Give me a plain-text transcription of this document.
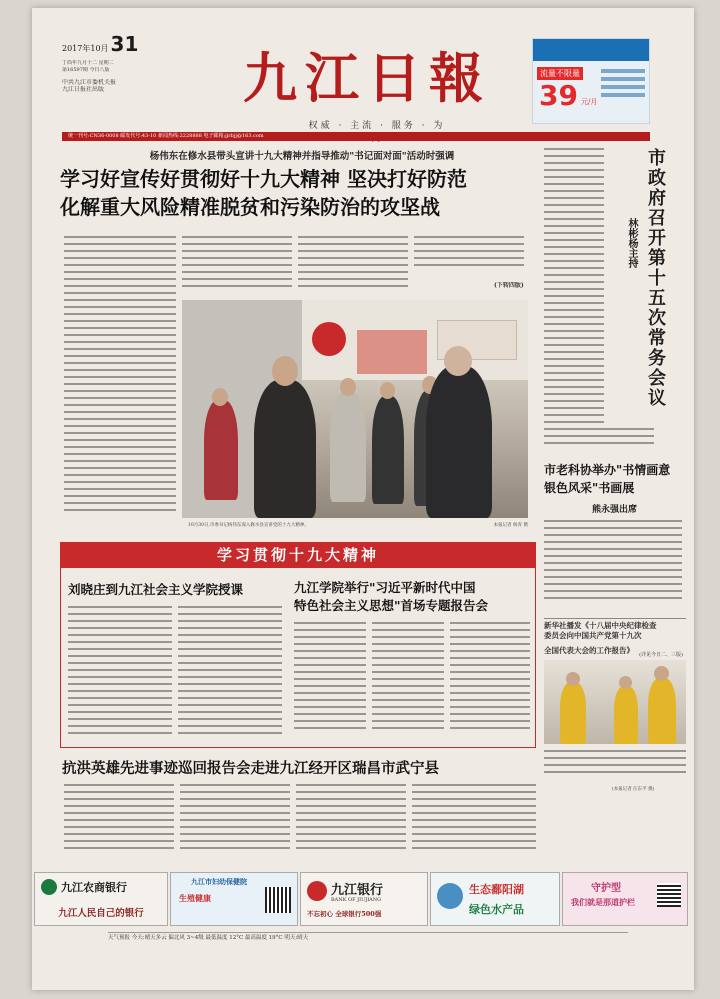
2017年10月 31
丁酉年九月十二 星期二
第16597期 今日八版
中共九江市委机关报
九江日报社出版	九江日報
权威 · 主流 · 服务 · 为
流量不限量
39 元/月
统一刊号:CN36-0008 邮发代号:43-10 新闻热线:2228888 电子邮箱:jjrbjj@163.com
杨伟东在修水县带头宣讲十九大精神并指导推动"书记面对面"活动时强调
学习好宣传好贯彻好十九大精神 坚决打好防范
化解重大风险精准脱贫和污染防治的攻坚战
(下转四版)
10月30日,市委书记杨伟东深入修水县宣讲党的十九大精神。	本报记者 杨青 摄
市政府召开第十五次常务会议
林彬杨主持
市老科协举办"书情画意
银色风采"书画展
熊永强出席
新华社播发《十八届中央纪律检查
委员会向中国共产党第十九次
全国代表大会的工作报告》 (详见今日二、三版)
(本报记者 汪东平 摄)
学习贯彻十九大精神
刘晓庄到九江社会主义学院授课	九江学院举行"习近平新时代中国
特色社会主义思想"首场专题报告会
抗洪英雄先进事迹巡回报告会走进九江经开区瑞昌市武宁县
九江农商银行
九江人民自己的银行
九江市妇幼保健院
生殖健康	九江银行
BANK OF JIUJIANG
不忘初心 全球银行500强
生态鄱阳湖
绿色水产品
守护型
我们就是那道护栏
天气预报 今天:晴天多云 偏北风 3~4级 最低温度 12°C 最高温度 19°C 明天:晴天
